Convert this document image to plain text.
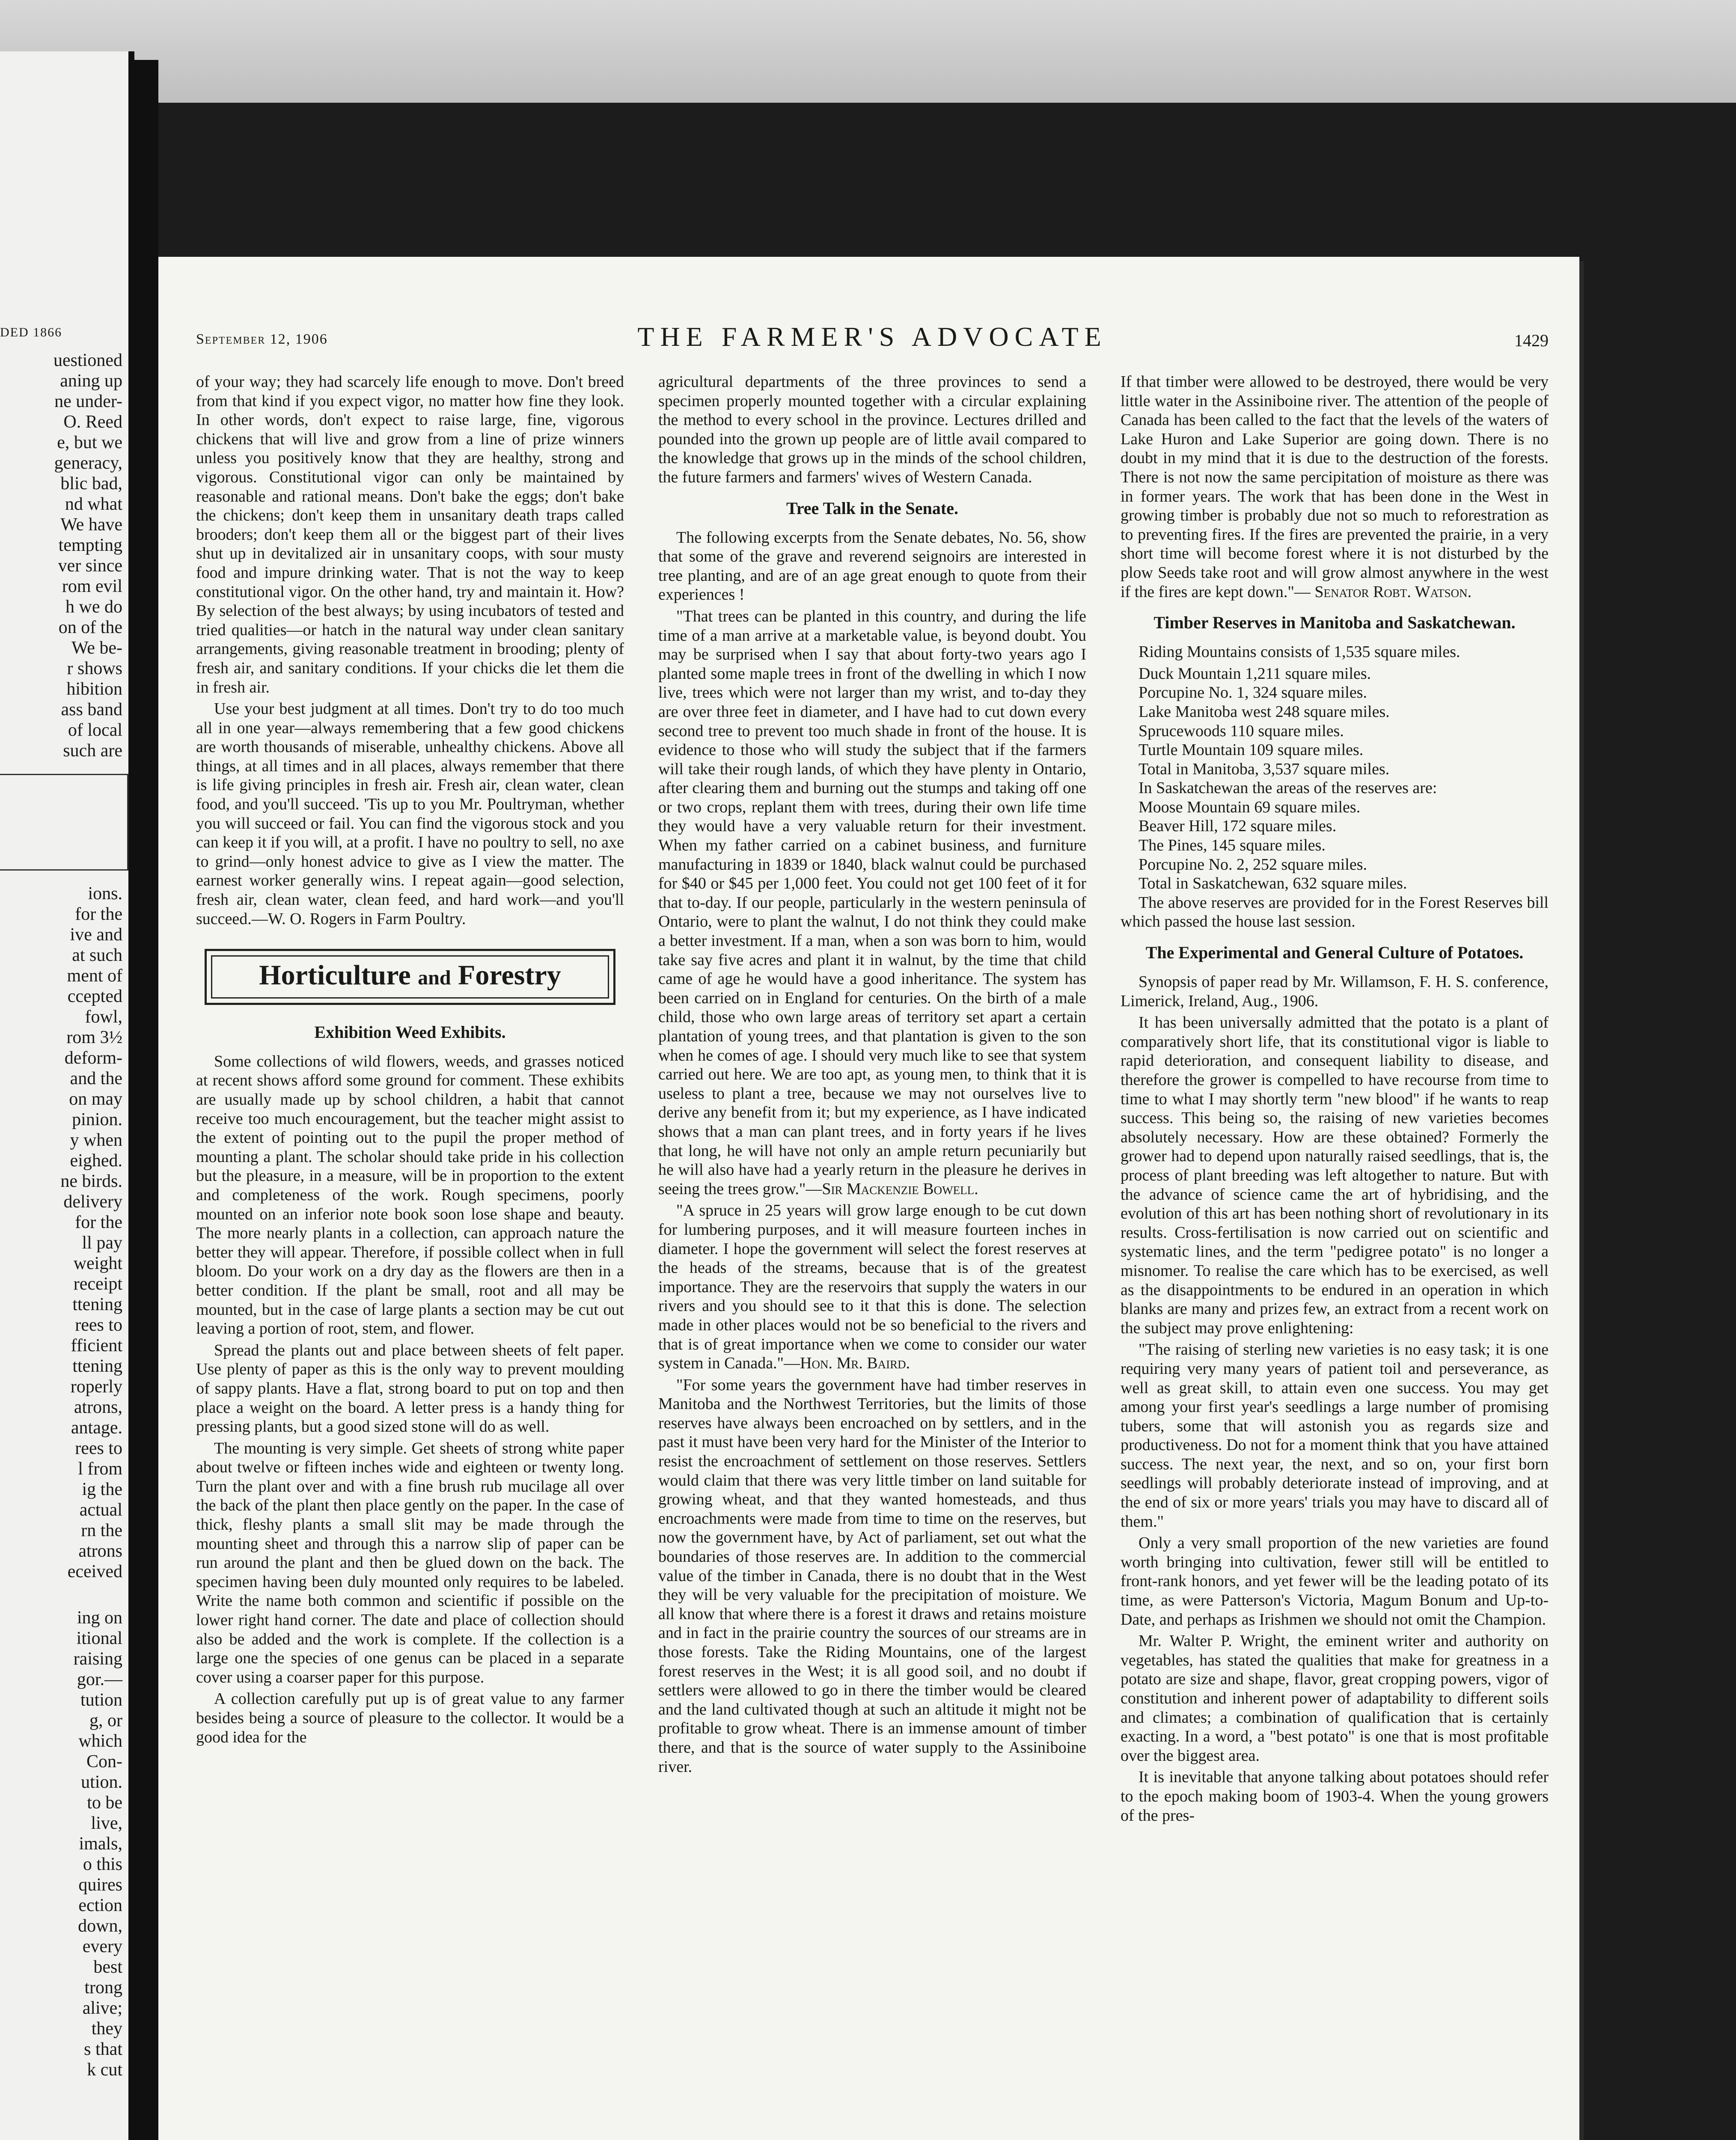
DED 1866
uestioned
aning up
ne under-
O. Reed
e, but we
generacy,
blic bad,
nd what
We have
tempting
ver since
rom evil
h we do
on of the
We be-
r shows
hibition
ass band
of local
such are
ions.
for the
ive and
at such
ment of
ccepted
fowl,
rom 3½
deform-
and the
on may
pinion.
y when
eighed.
ne birds.
delivery
for the
ll pay
weight
receipt
ttening
rees to
fficient
ttening
roperly
atrons,
antage.
rees to
l from
ig the
actual
rn the
atrons
eceived
ing on
itional
raising
gor.—
tution
g, or
which
Con-
ution.
to be
live,
imals,
o this
quires
ection
down,
every
best
trong
alive;
they
s that
k cut
September 12, 1906	THE FARMER'S ADVOCATE	1429

of your way; they had scarcely life enough to move. Don't breed from that kind if you expect vigor, no matter how fine they look. In other words, don't expect to raise large, fine, vigorous chickens that will live and grow from a line of prize winners unless you positively know that they are healthy, strong and vigorous. Constitutional vigor can only be maintained by reasonable and rational means. Don't bake the eggs; don't bake the chickens; don't keep them in unsanitary death traps called brooders; don't keep them all or the biggest part of their lives shut up in devitalized air in unsanitary coops, with sour musty food and impure drinking water. That is not the way to keep constitutional vigor. On the other hand, try and maintain it. How? By selection of the best always; by using incubators of tested and tried qualities—or hatch in the natural way under clean sanitary arrangements, giving reasonable treatment in brooding; plenty of fresh air, and sanitary conditions. If your chicks die let them die in fresh air.

Use your best judgment at all times. Don't try to do too much all in one year—always remembering that a few good chickens are worth thousands of miserable, unhealthy chickens. Above all things, at all times and in all places, always remember that there is life giving principles in fresh air. Fresh air, clean water, clean food, and you'll succeed. 'Tis up to you Mr. Poultryman, whether you will succeed or fail. You can find the vigorous stock and you can keep it if you will, at a profit. I have no poultry to sell, no axe to grind—only honest advice to give as I view the matter. The earnest worker generally wins. I repeat again—good selection, fresh air, clean water, clean feed, and hard work—and you'll succeed.—W. O. Rogers in Farm Poultry.

Horticulture and Forestry
Exhibition Weed Exhibits.

Some collections of wild flowers, weeds, and grasses noticed at recent shows afford some ground for comment. These exhibits are usually made up by school children, a habit that cannot receive too much encouragement, but the teacher might assist to the extent of pointing out to the pupil the proper method of mounting a plant. The scholar should take pride in his collection but the pleasure, in a measure, will be in proportion to the extent and completeness of the work. Rough specimens, poorly mounted on an inferior note book soon lose shape and beauty. The more nearly plants in a collection, can approach nature the better they will appear. Therefore, if possible collect when in full bloom. Do your work on a dry day as the flowers are then in a better condition. If the plant be small, root and all may be mounted, but in the case of large plants a section may be cut out leaving a portion of root, stem, and flower.

Spread the plants out and place between sheets of felt paper. Use plenty of paper as this is the only way to prevent moulding of sappy plants. Have a flat, strong board to put on top and then place a weight on the board. A letter press is a handy thing for pressing plants, but a good sized stone will do as well.

The mounting is very simple. Get sheets of strong white paper about twelve or fifteen inches wide and eighteen or twenty long. Turn the plant over and with a fine brush rub mucilage all over the back of the plant then place gently on the paper. In the case of thick, fleshy plants a small slit may be made through the mounting sheet and through this a narrow slip of paper can be run around the plant and then be glued down on the back. The specimen having been duly mounted only requires to be labeled. Write the name both common and scientific if possible on the lower right hand corner. The date and place of collection should also be added and the work is complete. If the collection is a large one the species of one genus can be placed in a separate cover using a coarser paper for this purpose.

A collection carefully put up is of great value to any farmer besides being a source of pleasure to the collector. It would be a good idea for the

agricultural departments of the three provinces to send a specimen properly mounted together with a circular explaining the method to every school in the province. Lectures drilled and pounded into the grown up people are of little avail compared to the knowledge that grows up in the minds of the school children, the future farmers and farmers' wives of Western Canada.

Tree Talk in the Senate.

The following excerpts from the Senate debates, No. 56, show that some of the grave and reverend seignoirs are interested in tree planting, and are of an age great enough to quote from their experiences !

"That trees can be planted in this country, and during the life time of a man arrive at a marketable value, is beyond doubt. You may be surprised when I say that about forty-two years ago I planted some maple trees in front of the dwelling in which I now live, trees which were not larger than my wrist, and to-day they are over three feet in diameter, and I have had to cut down every second tree to prevent too much shade in front of the house. It is evidence to those who will study the subject that if the farmers will take their rough lands, of which they have plenty in Ontario, after clearing them and burning out the stumps and taking off one or two crops, replant them with trees, during their own life time they would have a very valuable return for their investment. When my father carried on a cabinet business, and furniture manufacturing in 1839 or 1840, black walnut could be purchased for $40 or $45 per 1,000 feet. You could not get 100 feet of it for that to-day. If our people, particularly in the western peninsula of Ontario, were to plant the walnut, I do not think they could make a better investment. If a man, when a son was born to him, would take say five acres and plant it in walnut, by the time that child came of age he would have a good inheritance. The system has been carried on in England for centuries. On the birth of a male child, those who own large areas of territory set apart a certain plantation of young trees, and that plantation is given to the son when he comes of age. I should very much like to see that system carried out here. We are too apt, as young men, to think that it is useless to plant a tree, because we may not ourselves live to derive any benefit from it; but my experience, as I have indicated shows that a man can plant trees, and in forty years if he lives that long, he will have not only an ample return pecuniarily but he will also have had a yearly return in the pleasure he derives in seeing the trees grow."—Sir Mackenzie Bowell.

"A spruce in 25 years will grow large enough to be cut down for lumbering purposes, and it will measure fourteen inches in diameter. I hope the government will select the forest reserves at the heads of the streams, because that is of the greatest importance. They are the reservoirs that supply the waters in our rivers and you should see to it that this is done. The selection made in other places would not be so beneficial to the rivers and that is of great importance when we come to consider our water system in Canada."—Hon. Mr. Baird.

"For some years the government have had timber reserves in Manitoba and the Northwest Territories, but the limits of those reserves have always been encroached on by settlers, and in the past it must have been very hard for the Minister of the Interior to resist the encroachment of settlement on those reserves. Settlers would claim that there was very little timber on land suitable for growing wheat, and that they wanted homesteads, and thus encroachments were made from time to time on the reserves, but now the government have, by Act of parliament, set out what the boundaries of those reserves are. In addition to the commercial value of the timber in Canada, there is no doubt that in the West they will be very valuable for the precipitation of moisture. We all know that where there is a forest it draws and retains moisture and in fact in the prairie country the sources of our streams are in those forests. Take the Riding Mountains, one of the largest forest reserves in the West; it is all good soil, and no doubt if settlers were allowed to go in there the timber would be cleared and the land cultivated though at such an altitude it might not be profitable to grow wheat. There is an immense amount of timber there, and that is the source of water supply to the Assiniboine river.

If that timber were allowed to be destroyed, there would be very little water in the Assiniboine river. The attention of the people of Canada has been called to the fact that the levels of the waters of Lake Huron and Lake Superior are going down. There is no doubt in my mind that it is due to the destruction of the forests. There is not now the same percipitation of moisture as there was in former years. The work that has been done in the West in growing timber is probably due not so much to reforestration as to preventing fires. If the fires are prevented the prairie, in a very short time will become forest where it is not disturbed by the plow Seeds take root and will grow almost anywhere in the west if the fires are kept down."— Senator Robt. Watson.

Timber Reserves in Manitoba and Saskatchewan.

Riding Mountains consists of 1,535 square miles.

Duck Mountain 1,211 square miles.

Porcupine No. 1, 324 square miles.

Lake Manitoba west 248 square miles.

Sprucewoods 110 square miles.

Turtle Mountain 109 square miles.

Total in Manitoba, 3,537 square miles.

In Saskatchewan the areas of the reserves are:

Moose Mountain 69 square miles.

Beaver Hill, 172 square miles.

The Pines, 145 square miles.

Porcupine No. 2, 252 square miles.

Total in Saskatchewan, 632 square miles.

The above reserves are provided for in the Forest Reserves bill which passed the house last session.

The Experimental and General Culture of Potatoes.

Synopsis of paper read by Mr. Willamson, F. H. S. conference, Limerick, Ireland, Aug., 1906.

It has been universally admitted that the potato is a plant of comparatively short life, that its constitutional vigor is liable to rapid deterioration, and consequent liability to disease, and therefore the grower is compelled to have recourse from time to time to what I may shortly term "new blood" if he wants to reap success. This being so, the raising of new varieties becomes absolutely necessary. How are these obtained? Formerly the grower had to depend upon naturally raised seedlings, that is, the process of plant breeding was left altogether to nature. But with the advance of science came the art of hybridising, and the evolution of this art has been nothing short of revolutionary in its results. Cross-fertilisation is now carried out on scientific and systematic lines, and the term "pedigree potato" is no longer a misnomer. To realise the care which has to be exercised, as well as the disappointments to be endured in an operation in which blanks are many and prizes few, an extract from a recent work on the subject may prove enlightening:

"The raising of sterling new varieties is no easy task; it is one requiring very many years of patient toil and perseverance, as well as great skill, to attain even one success. You may get among your first year's seedlings a large number of promising tubers, some that will astonish you as regards size and productiveness. Do not for a moment think that you have attained success. The next year, the next, and so on, your first born seedlings will probably deteriorate instead of improving, and at the end of six or more years' trials you may have to discard all of them."

Only a very small proportion of the new varieties are found worth bringing into cultivation, fewer still will be entitled to front-rank honors, and yet fewer will be the leading potato of its time, as were Patterson's Victoria, Magum Bonum and Up-to-Date, and perhaps as Irishmen we should not omit the Champion.

Mr. Walter P. Wright, the eminent writer and authority on vegetables, has stated the qualities that make for greatness in a potato are size and shape, flavor, great cropping powers, vigor of constitution and inherent power of adaptability to different soils and climates; a combination of qualification that is certainly exacting. In a word, a "best potato" is one that is most profitable over the biggest area.

It is inevitable that anyone talking about potatoes should refer to the epoch making boom of 1903-4. When the young growers of the pres-
